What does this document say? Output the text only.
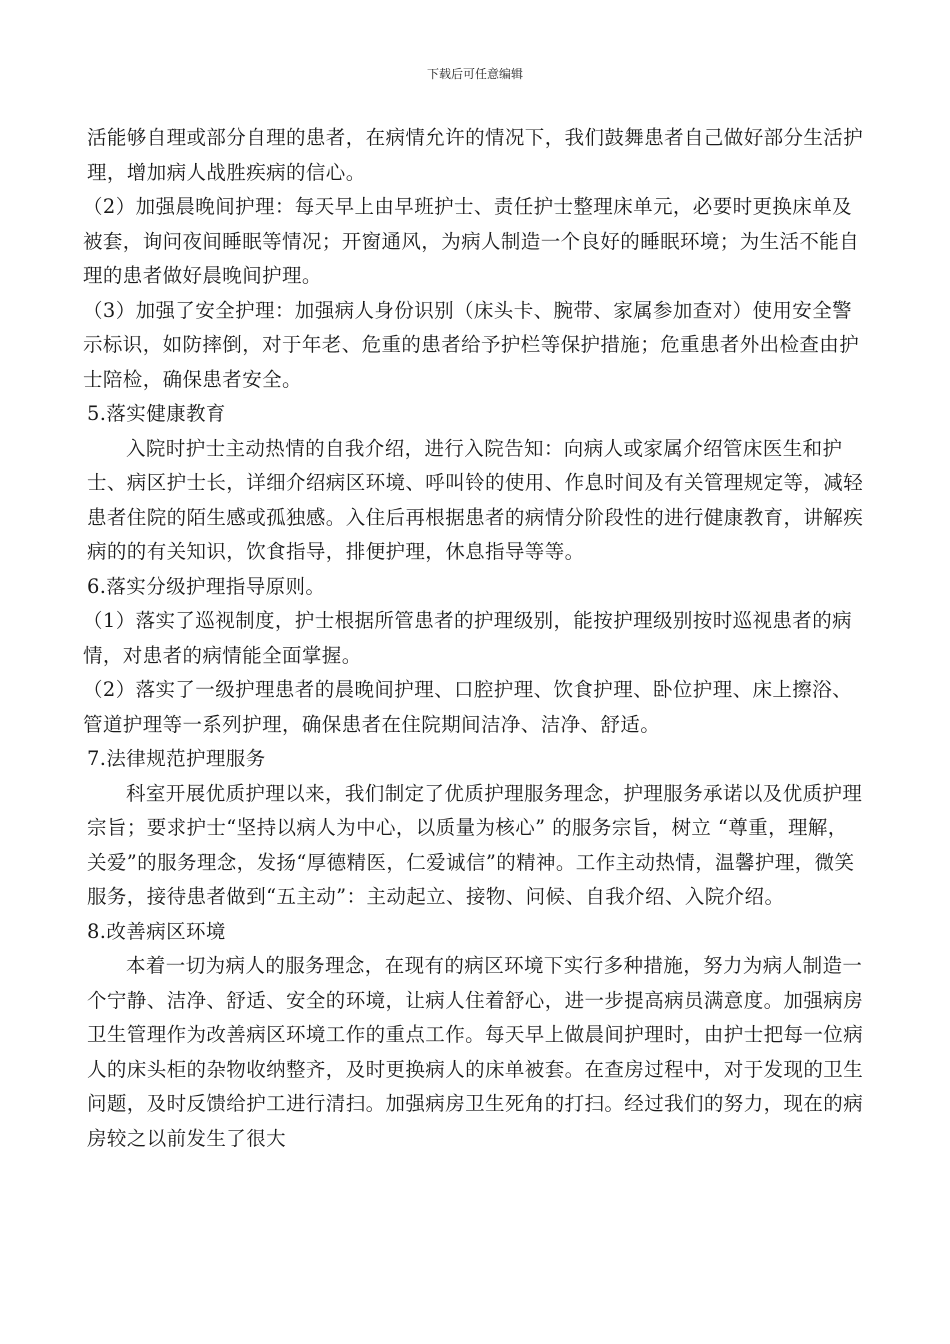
下载后可任意编辑

活能够自理或部分自理的患者，在病情允许的情况下，我们鼓舞患者自己做好部分生活护理，增加病人战胜疾病的信心。

（2）加强晨晚间护理：每天早上由早班护士、责任护士整理床单元，必要时更换床单及被套，询问夜间睡眠等情况；开窗通风，为病人制造一个良好的睡眠环境；为生活不能自理的患者做好晨晚间护理。

（3）加强了安全护理：加强病人身份识别（床头卡、腕带、家属参加查对）使用安全警示标识，如防摔倒，对于年老、危重的患者给予护栏等保护措施；危重患者外出检查由护士陪检，确保患者安全。

5.落实健康教育

入院时护士主动热情的自我介绍，进行入院告知：向病人或家属介绍管床医生和护士、病区护士长，详细介绍病区环境、呼叫铃的使用、作息时间及有关管理规定等，减轻患者住院的陌生感或孤独感。入住后再根据患者的病情分阶段性的进行健康教育，讲解疾病的的有关知识，饮食指导，排便护理，休息指导等等。

6.落实分级护理指导原则。

（1）落实了巡视制度，护士根据所管患者的护理级别，能按护理级别按时巡视患者的病情，对患者的病情能全面掌握。

（2）落实了一级护理患者的晨晚间护理、口腔护理、饮食护理、卧位护理、床上擦浴、管道护理等一系列护理，确保患者在住院期间洁净、洁净、舒适。

7.法律规范护理服务

科室开展优质护理以来，我们制定了优质护理服务理念，护理服务承诺以及优质护理宗旨；要求护士“坚持以病人为中心，以质量为核心” 的服务宗旨，树立 “尊重，理解，关爱”的服务理念，发扬“厚德精医，仁爱诚信”的精神。工作主动热情，温馨护理，微笑服务，接待患者做到“五主动”：主动起立、接物、问候、自我介绍、入院介绍。

8.改善病区环境

本着一切为病人的服务理念，在现有的病区环境下实行多种措施，努力为病人制造一个宁静、洁净、舒适、安全的环境，让病人住着舒心，进一步提高病员满意度。加强病房卫生管理作为改善病区环境工作的重点工作。每天早上做晨间护理时，由护士把每一位病人的床头柜的杂物收纳整齐，及时更换病人的床单被套。在查房过程中，对于发现的卫生问题，及时反馈给护工进行清扫。加强病房卫生死角的打扫。经过我们的努力，现在的病房较之以前发生了很大
